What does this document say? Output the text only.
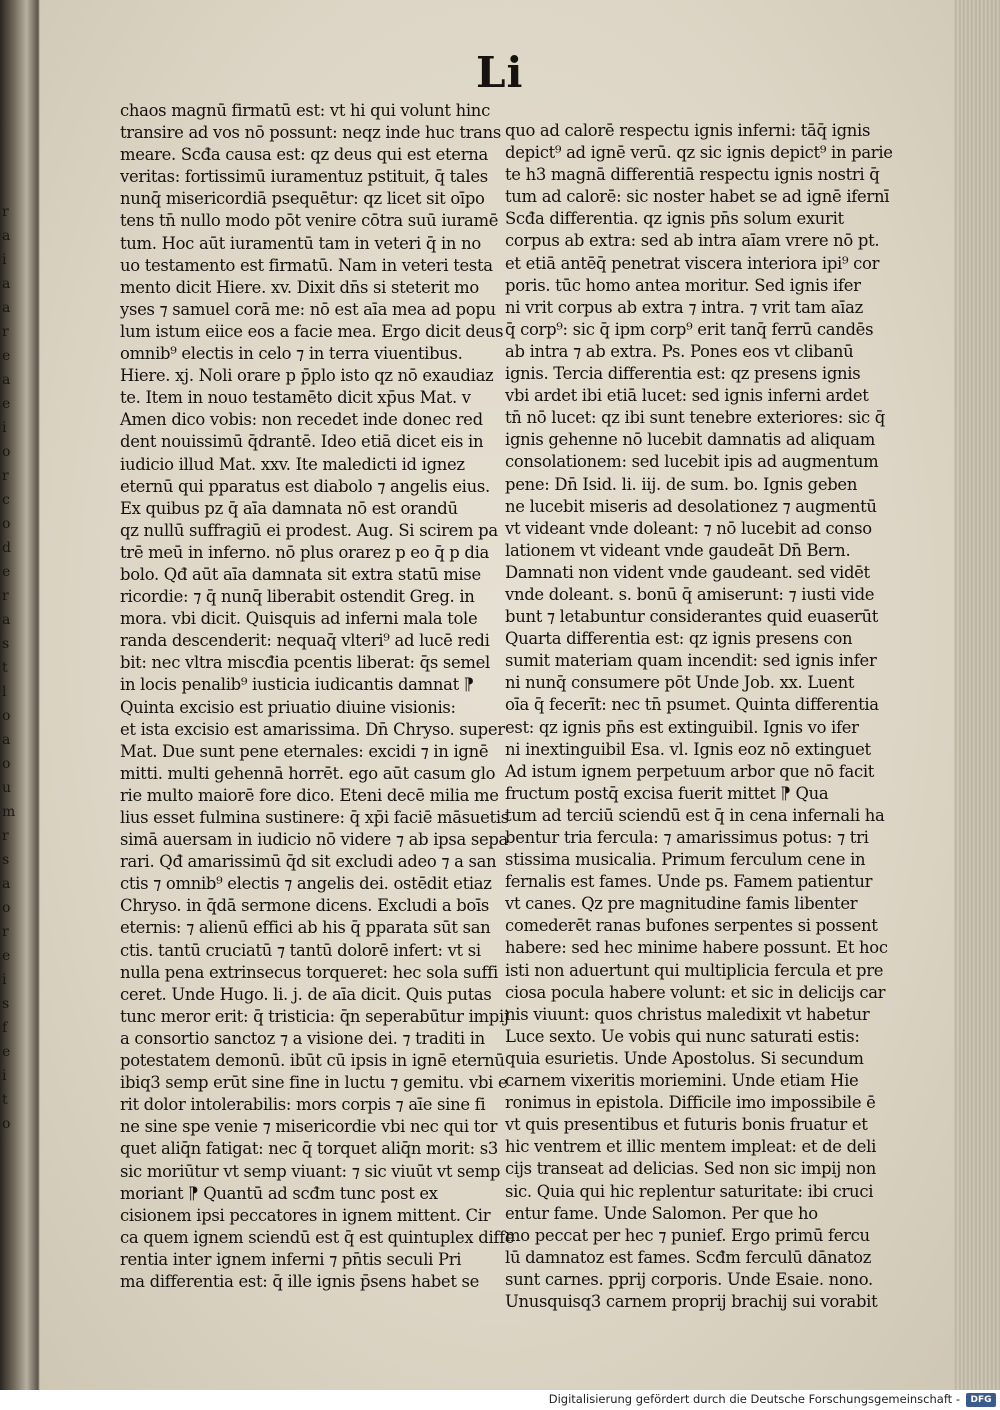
r
a
i
a
a
r
e
a
e
i
o
r
c
o
d
e
r
a
s
t
l
o
a
o
u
m
r
s
a
o
r
e
i
s
f
e
i
t
o
Li
chaos magnū firmatū est: vt hi qui volunt hinc
transire ad vos nō possunt: neqz inde huc trans
meare. Scđa causa est: qz deus qui est eterna
veritas: fortissimū iuramentuz pstituit, q̄ tales
nunq̄ misericordiā psequētur: qz licet sit oīpo
tens tn̄ nullo modo pōt venire cōtra suū iuramē
tum. Hoc aūt iuramentū tam in veteri q̄ in no
uo testamento est firmatū. Nam in veteri testa
mento dicit Hiere. xv. Dixit dn̄s si steterit mo
yses ⁊ samuel corā me: nō est aīa mea ad popu
lum istum eiice eos a facie mea. Ergo dicit deus
omnib⁹ electis in celo ⁊ in terra viuentibus.
Hiere. xj. Noli orare p p̄plo isto qz nō exaudiaz
te. Item in nouo testamēto dicit xp̄us Mat. v
Amen dico vobis: non recedet inde donec red
dent nouissimū q̄drantē. Ideo etiā dicet eis in
iudicio illud Mat. xxv. Ite maledicti id ignez
eternū qui pparatus est diabolo ⁊ angelis eius.
Ex quibus pz q̄ aīa damnata nō est orandū
qz nullū suffragiū ei prodest. Aug. Si scirem pa
trē meū in inferno. nō plus orarez p eo q̄ p dia
bolo. Qđ aūt aīa damnata sit extra statū mise
ricordie: ⁊ q̄ nunq̄ liberabit ostendit Greg. in
mora. vbi dicit. Quisquis ad inferni mala tole
randa descenderit: nequaq̄ vlteri⁹ ad lucē redi
bit: nec vltra miscđia pcentis liberat: q̄s semel
in locis penalib⁹ iusticia iudicantis damnat ⁋
Quinta excisio est priuatio diuine visionis:
et ista excisio est amarissima. Dn̄ Chryso. super
Mat. Due sunt pene eternales: excidi ⁊ in ignē
mitti. multi gehennā horrēt. ego aūt casum glo
rie multo maiorē fore dico. Eteni decē milia me
lius esset fulmina sustinere: q̄ xp̄i faciē māsuetis
simā auersam in iudicio nō videre ⁊ ab ipsa sepa
rari. Qđ amarissimū q̄d sit excludi adeo ⁊ a san
ctis ⁊ omnib⁹ electis ⁊ angelis dei. ostēdit etiaz
Chryso. in q̄dā sermone dicens. Excludi a boīs
eternis: ⁊ alienū effici ab his q̄ pparata sūt san
ctis. tantū cruciatū ⁊ tantū dolorē infert: vt si
nulla pena extrinsecus torqueret: hec sola suffi
ceret. Unde Hugo. li. j. de aīa dicit. Quis putas
tunc meror erit: q̄ tristicia: q̄n seperabūtur impij
a consortio sanctoz ⁊ a visione dei. ⁊ traditi in
potestatem demonū. ibūt cū ipsis in ignē eternū
ibiq3 semp erūt sine fine in luctu ⁊ gemitu. vbi e
rit dolor intolerabilis: mors corpis ⁊ aīe sine fi
ne sine spe venie ⁊ misericordie vbi nec qui tor
quet aliq̄n fatigat: nec q̄ torquet aliq̄n morit: s3
sic moriūtur vt semp viuant: ⁊ sic viuūt vt semp
moriant ⁋ Quantū ad scđm tunc post ex
cisionem ipsi peccatores in ignem mittent. Cir
ca quem ignem sciendū est q̄ est quintuplex diffe
rentia inter ignem inferni ⁊ pn̄tis seculi Pri
ma differentia est: q̄ ille ignis p̄sens habet se
quo ad calorē respectu ignis inferni: tāq̄ ignis
depict⁹ ad ignē verū. qz sic ignis depict⁹ in parie
te h3 magnā differentiā respectu ignis nostri q̄
tum ad calorē: sic noster habet se ad ignē ifernī
Scđa differentia. qz ignis pn̄s solum exurit
corpus ab extra: sed ab intra aīam vrere nō pt.
et etiā antēq̄ penetrat viscera interiora ipi⁹ cor
poris. tūc homo antea moritur. Sed ignis ifer
ni vrit corpus ab extra ⁊ intra. ⁊ vrit tam aīaz
q̄ corp⁹: sic q̄ ipm corp⁹ erit tanq̄ ferrū candēs
ab intra ⁊ ab extra. Ps. Pones eos vt clibanū
ignis. Tercia differentia est: qz presens ignis
vbi ardet ibi etiā lucet: sed ignis inferni ardet
tn̄ nō lucet: qz ibi sunt tenebre exteriores: sic q̄
ignis gehenne nō lucebit damnatis ad aliquam
consolationem: sed lucebit ipis ad augmentum
pene: Dn̄ Isid. li. iij. de sum. bo. Ignis geben
ne lucebit miseris ad desolationez ⁊ augmentū
vt videant vnde doleant: ⁊ nō lucebit ad conso
lationem vt videant vnde gaudeāt Dn̄ Bern.
Damnati non vident vnde gaudeant. sed vidēt
vnde doleant. s. bonū q̄ amiserunt: ⁊ iusti vide
bunt ⁊ letabuntur considerantes quid euaserūt
Quarta differentia est: qz ignis presens con
sumit materiam quam incendit: sed ignis infer
ni nunq̄ consumere pōt Unde Job. xx. Luent
oīa q̄ fecerīt: nec tn̄ psumet. Quinta differentia
est: qz ignis pn̄s est extinguibil. Ignis vo ifer
ni inextinguibil Esa. vl. Ignis eoz nō extinguet
Ad istum ignem perpetuum arbor que nō facit
fructum postq̄ excisa fuerit mittet ⁋ Qua
tum ad terciū sciendū est q̄ in cena infernali ha
bentur tria fercula: ⁊ amarissimus potus: ⁊ tri
stissima musicalia. Primum ferculum cene in
fernalis est fames. Unde ps. Famem patientur
vt canes. Qz pre magnitudine famis libenter
comederēt ranas bufones serpentes si possent
habere: sed hec minime habere possunt. Et hoc
isti non aduertunt qui multiplicia fercula et pre
ciosa pocula habere volunt: et sic in delicijs car
nis viuunt: quos christus maledixit vt habetur
Luce sexto. Ue vobis qui nunc saturati estis:
quia esurietis. Unde Apostolus. Si secundum
carnem vixeritis moriemini. Unde etiam Hie
ronimus in epistola. Difficile imo impossibile ē
vt quis presentibus et futuris bonis fruatur et
hic ventrem et illic mentem impleat: et de deli
cijs transeat ad delicias. Sed non sic impij non
sic. Quia qui hic replentur saturitate: ibi cruci
entur fame. Unde Salomon. Per que ho
mo peccat per hec ⁊ punief. Ergo primū fercu
lū damnatoz est fames. Scđm ferculū dānatoz
sunt carnes. pprij corporis. Unde Esaie. nono.
Unusquisq3 carnem proprij brachij sui vorabit
Digitalisierung gefördert durch die Deutsche Forschungsgemeinschaft -	DFG
